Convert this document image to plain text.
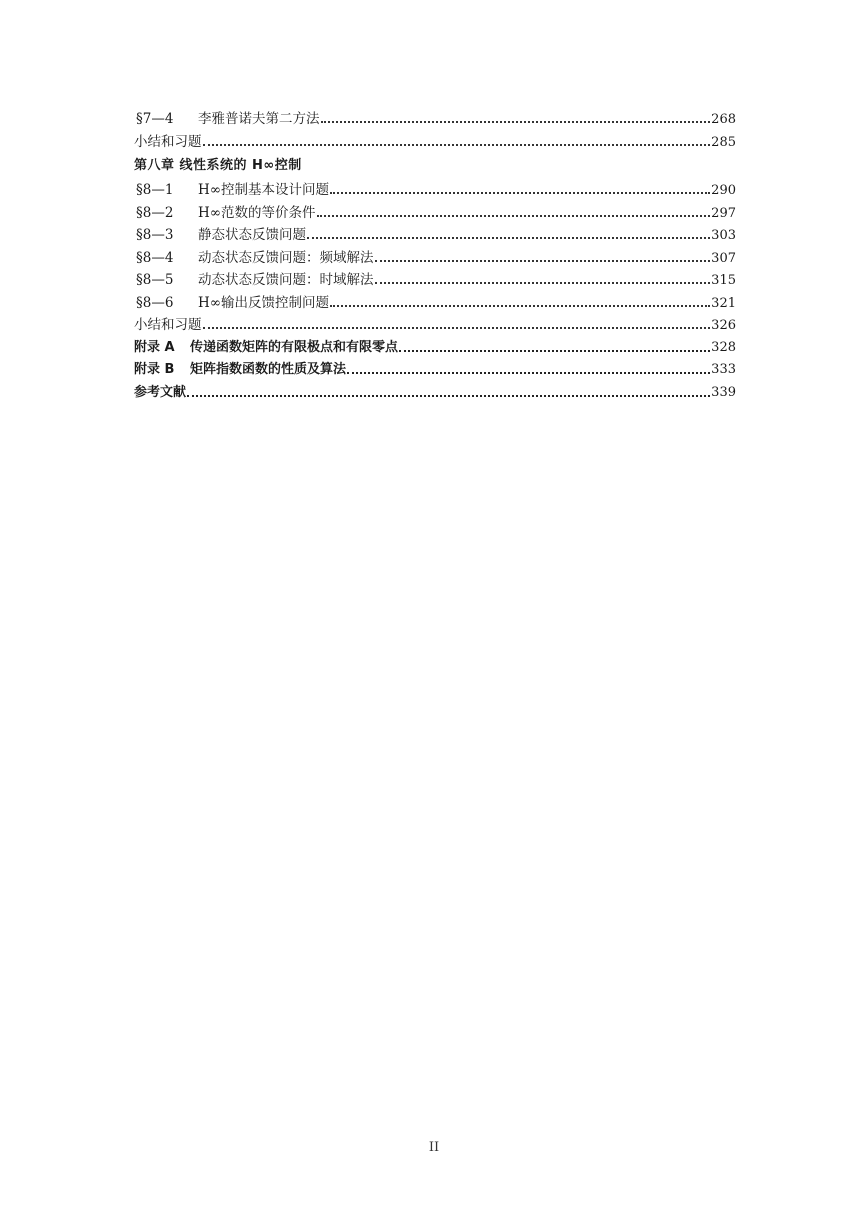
§7—4	李雅普诺夫第二方法	268
小结和习题	285
第八章 线性系统的 H∞控制
§8—1	H∞控制基本设计问题	290
§8—2	H∞范数的等价条件	297
§8—3	静态状态反馈问题	303
§8—4	动态状态反馈问题：频域解法	307
§8—5	动态状态反馈问题：时域解法	315
§8—6	H∞输出反馈控制问题	321
小结和习题	326
附录 A	传递函数矩阵的有限极点和有限零点	328
附录 B	矩阵指数函数的性质及算法	333
参考文献	339
II
